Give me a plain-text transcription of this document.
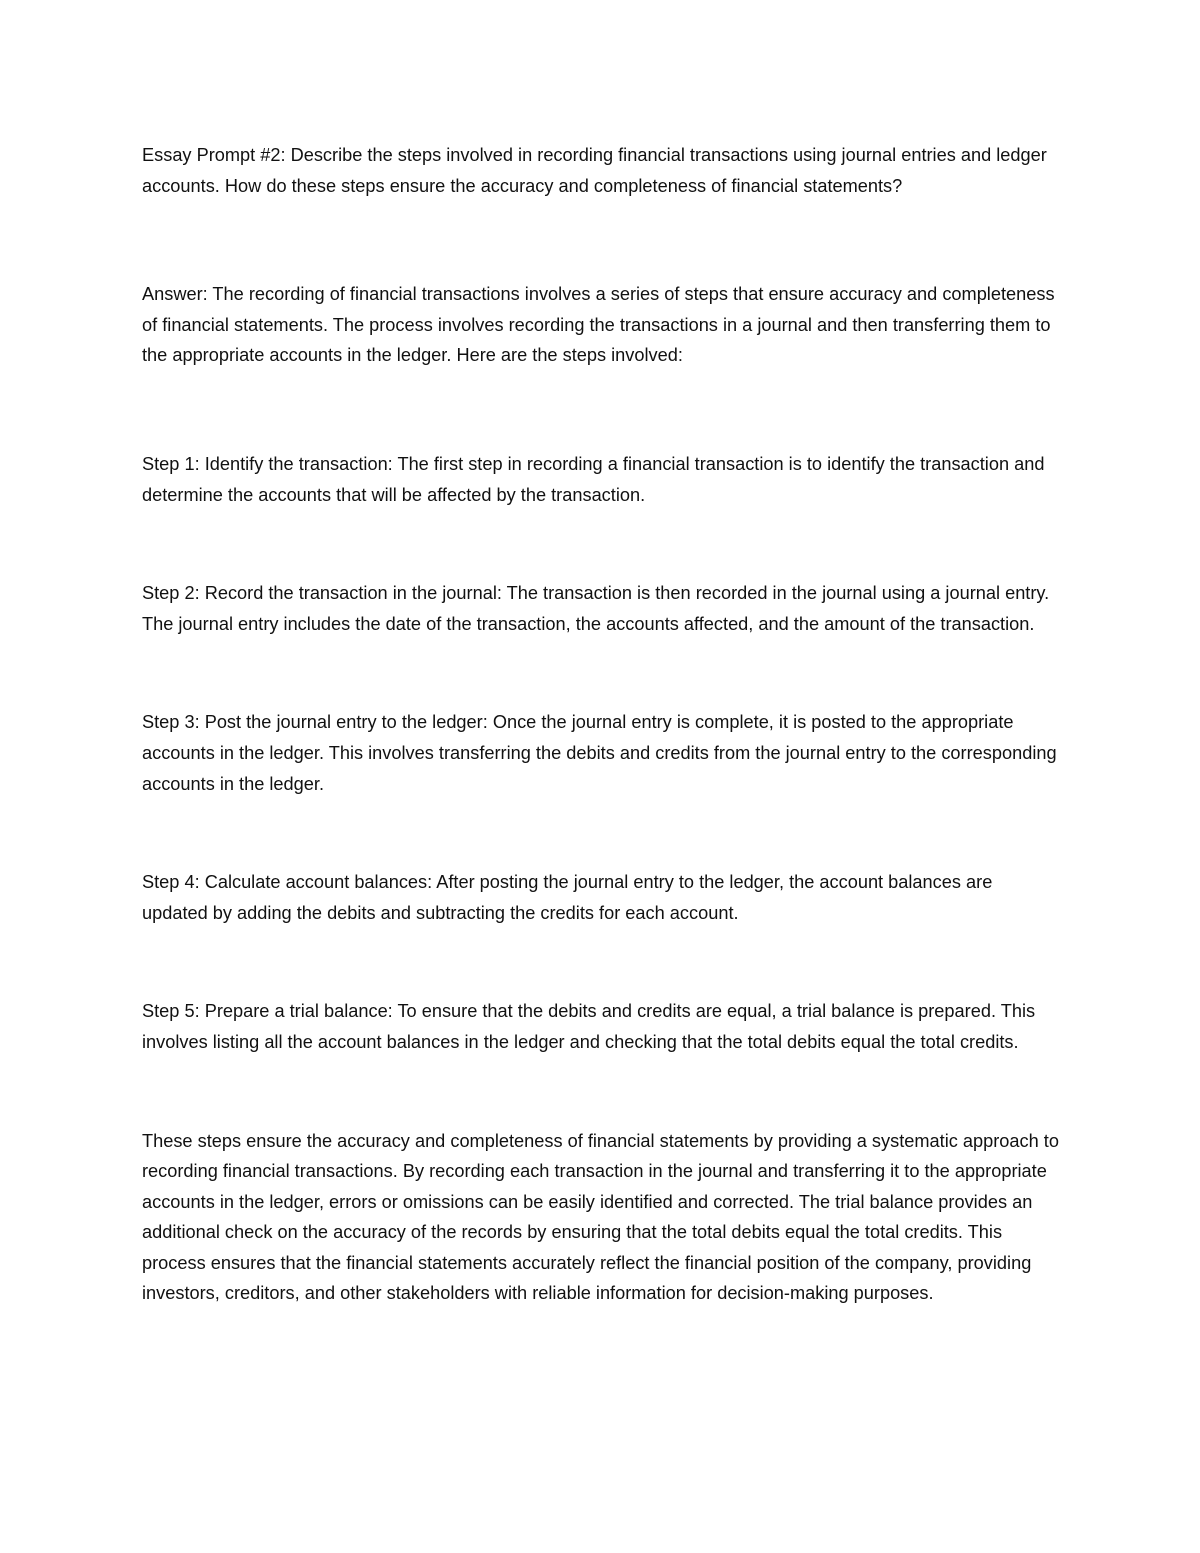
Essay Prompt #2: Describe the steps involved in recording financial transactions using journal entries and ledger accounts. How do these steps ensure the accuracy and completeness of financial statements?

Answer: The recording of financial transactions involves a series of steps that ensure accuracy and completeness of financial statements. The process involves recording the transactions in a journal and then transferring them to the appropriate accounts in the ledger. Here are the steps involved:

Step 1: Identify the transaction: The first step in recording a financial transaction is to identify the transaction and determine the accounts that will be affected by the transaction.

Step 2: Record the transaction in the journal: The transaction is then recorded in the journal using a journal entry. The journal entry includes the date of the transaction, the accounts affected, and the amount of the transaction.

Step 3: Post the journal entry to the ledger: Once the journal entry is complete, it is posted to the appropriate accounts in the ledger. This involves transferring the debits and credits from the journal entry to the corresponding accounts in the ledger.

Step 4: Calculate account balances: After posting the journal entry to the ledger, the account balances are updated by adding the debits and subtracting the credits for each account.

Step 5: Prepare a trial balance: To ensure that the debits and credits are equal, a trial balance is prepared. This involves listing all the account balances in the ledger and checking that the total debits equal the total credits.

These steps ensure the accuracy and completeness of financial statements by providing a systematic approach to recording financial transactions. By recording each transaction in the journal and transferring it to the appropriate accounts in the ledger, errors or omissions can be easily identified and corrected. The trial balance provides an additional check on the accuracy of the records by ensuring that the total debits equal the total credits. This process ensures that the financial statements accurately reflect the financial position of the company, providing investors, creditors, and other stakeholders with reliable information for decision-making purposes.
